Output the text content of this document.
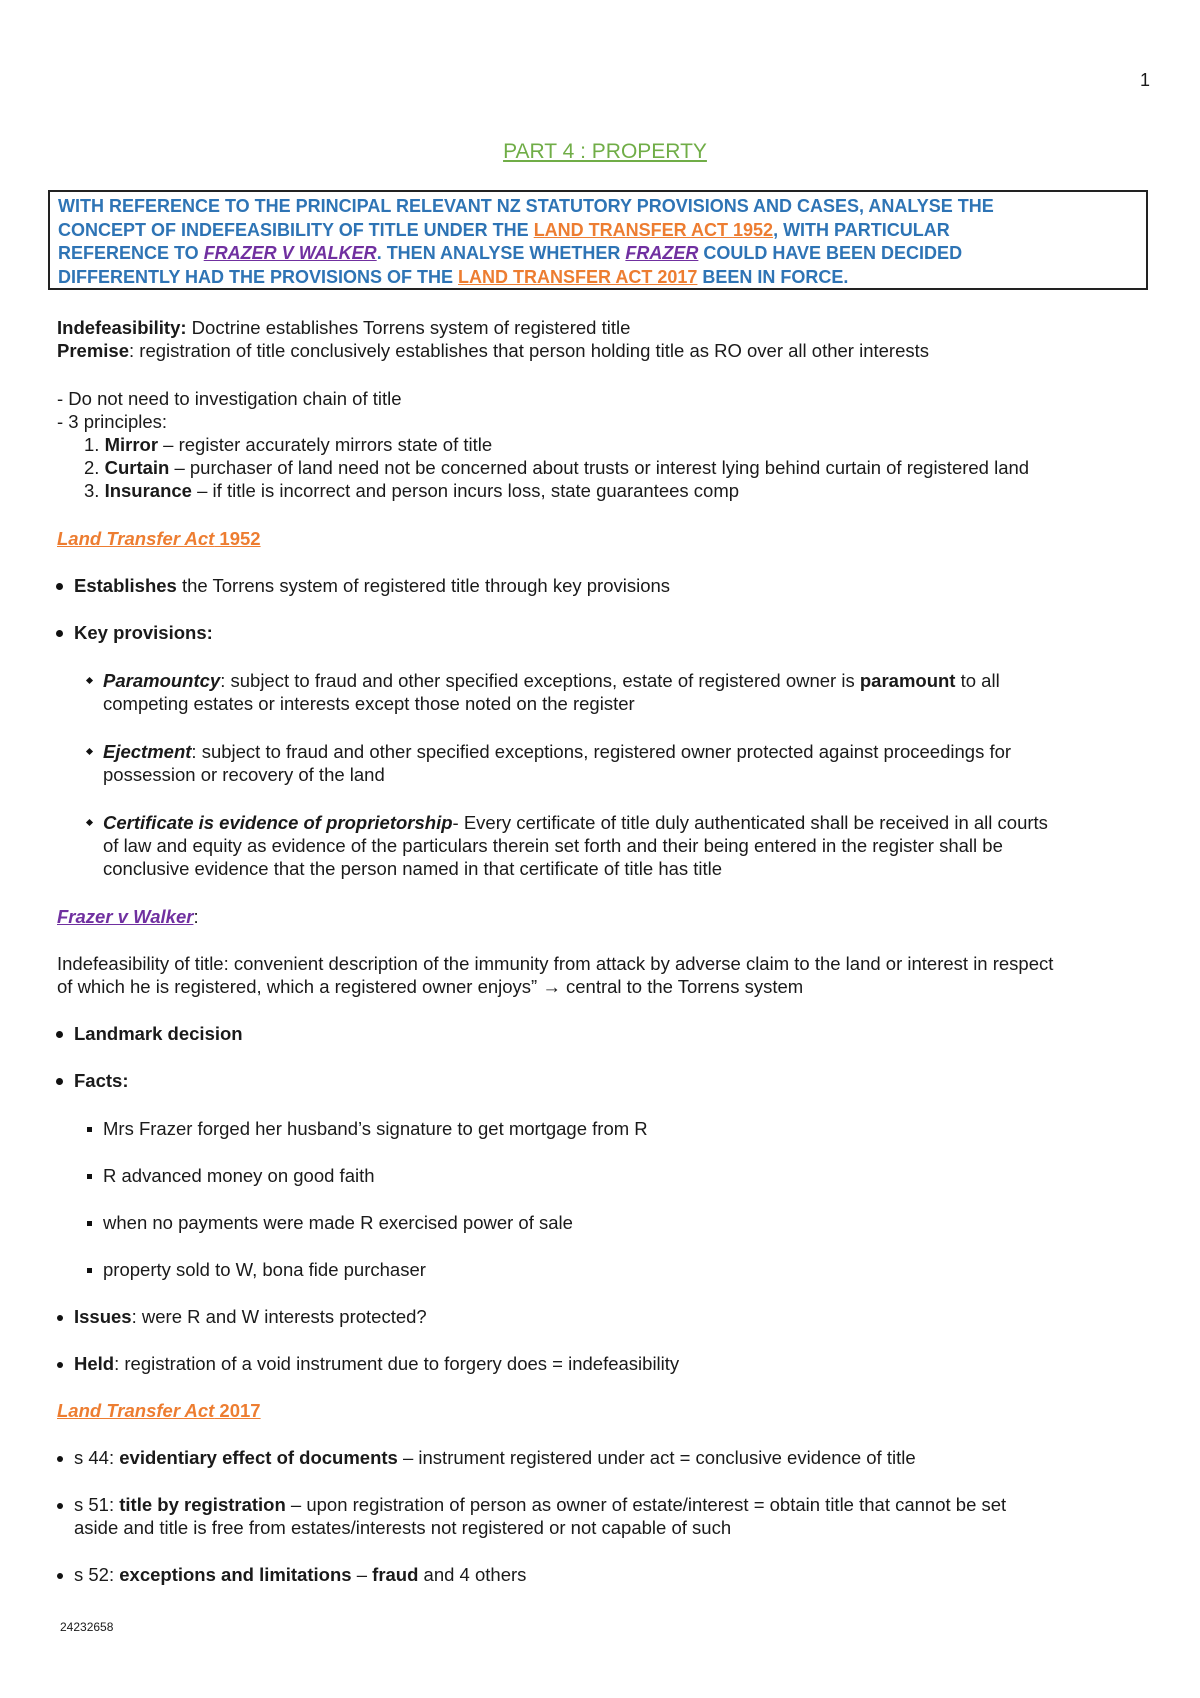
1
PART 4 : PROPERTY
WITH REFERENCE TO THE PRINCIPAL RELEVANT NZ STATUTORY PROVISIONS AND CASES, ANALYSE THE
CONCEPT OF INDEFEASIBILITY OF TITLE UNDER THE LAND TRANSFER ACT 1952, WITH PARTICULAR
REFERENCE TO FRAZER V WALKER. THEN ANALYSE WHETHER FRAZER COULD HAVE BEEN DECIDED
DIFFERENTLY HAD THE PROVISIONS OF THE LAND TRANSFER ACT 2017 BEEN IN FORCE.
Indefeasibility: Doctrine establishes Torrens system of registered title
Premise: registration of title conclusively establishes that person holding title as RO over all other interests
- Do not need to investigation chain of title
- 3 principles:
1. Mirror – register accurately mirrors state of title
2. Curtain – purchaser of land need not be concerned about trusts or interest lying behind curtain of registered land
3. Insurance – if title is incorrect and person incurs loss, state guarantees comp
Land Transfer Act 1952
Establishes the Torrens system of registered title through key provisions
Key provisions:
Paramountcy: subject to fraud and other specified exceptions, estate of registered owner is paramount to all
competing estates or interests except those noted on the register
Ejectment: subject to fraud and other specified exceptions, registered owner protected against proceedings for
possession or recovery of the land
Certificate is evidence of proprietorship- Every certificate of title duly authenticated shall be received in all courts
of law and equity as evidence of the particulars therein set forth and their being entered in the register shall be
conclusive evidence that the person named in that certificate of title has title
Frazer v Walker:
Indefeasibility of title: convenient description of the immunity from attack by adverse claim to the land or interest in respect
of which he is registered, which a registered owner enjoys” → central to the Torrens system
Landmark decision
Facts:
Mrs Frazer forged her husband’s signature to get mortgage from R
R advanced money on good faith
when no payments were made R exercised power of sale
property sold to W, bona fide purchaser
Issues: were R and W interests protected?
Held: registration of a void instrument due to forgery does = indefeasibility
Land Transfer Act 2017
s 44: evidentiary effect of documents – instrument registered under act = conclusive evidence of title
s 51: title by registration – upon registration of person as owner of estate/interest = obtain title that cannot be set
aside and title is free from estates/interests not registered or not capable of such
s 52: exceptions and limitations – fraud and 4 others
24232658
